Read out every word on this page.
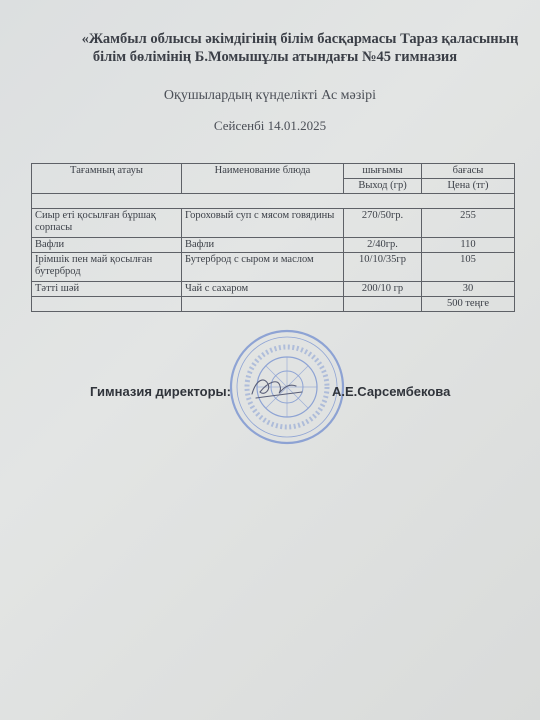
«Жамбыл облысы әкімдігінің білім басқармасы Тараз қаласының
білім бөлімінің Б.Момышұлы атындағы №45 гимназия
Оқушылардың күнделікті Ас мәзірі
Сейсенбі 14.01.2025
Тағамның атауы	Наименование блюда	шығымы	бағасы
		Выход (гр)	Цена (тг)

Сиыр еті қосылған бұршақ сорпасы	Гороховый суп с мясом говядины	270/50гр.	255
Вафли	Вафли	2/40гр.	110
Ірімшік пен май қосылған бутерброд	Бутерброд с сыром и маслом	10/10/35гр	105
Тәтті шәй	Чай с сахаром	200/10 гр	30
			500 теңге
Гимназия директоры:	А.Е.Сарсембекова
